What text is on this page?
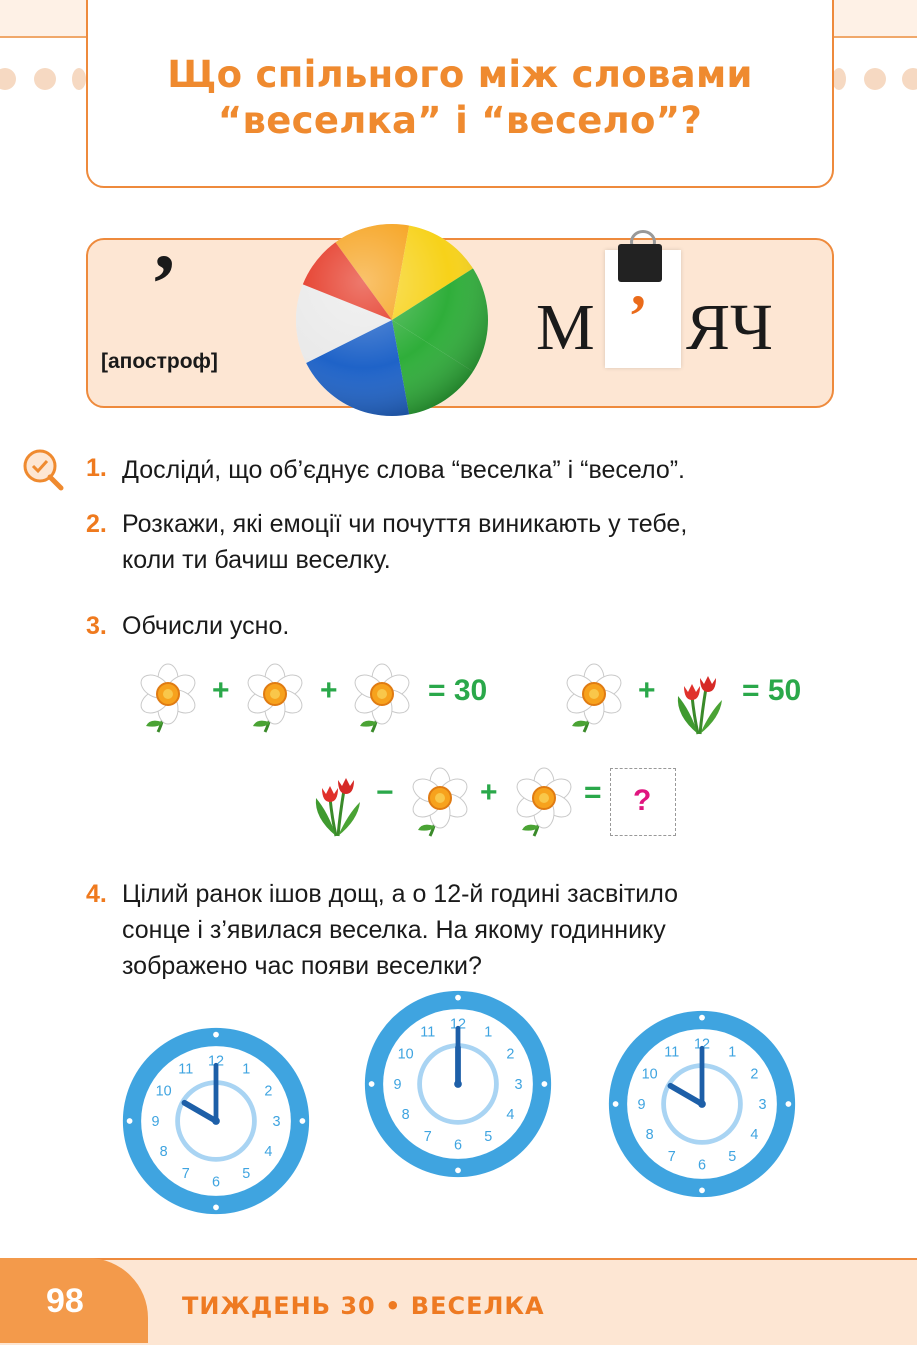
Що спільного між словами
“веселка” і “весело”?
’
[апостроф]	М ’ ЯЧ
1. Досліди́, що об’єднує слова “веселка” і “весело”.
2. Розкажи, які емоції чи почуття виникають у тебе,
коли ти бачиш веселку.
3. Обчисли усно.
+	+	= 30	+	= 50
−	+	= ?
4. Цілий ранок ішов дощ, а о 12-й годині засвітило
сонце і з’явилася веселка. На якому годиннику
зображено час появи веселки?
12
1
2
3
4
5
6
7
8
9
10
11
12
1
2
3
4
5
6
7
8
9
10
11
12
1
2
3
4
5
6
7
8
9
10
11
98	ТИЖДЕНЬ 30 • ВЕСЕЛКА
